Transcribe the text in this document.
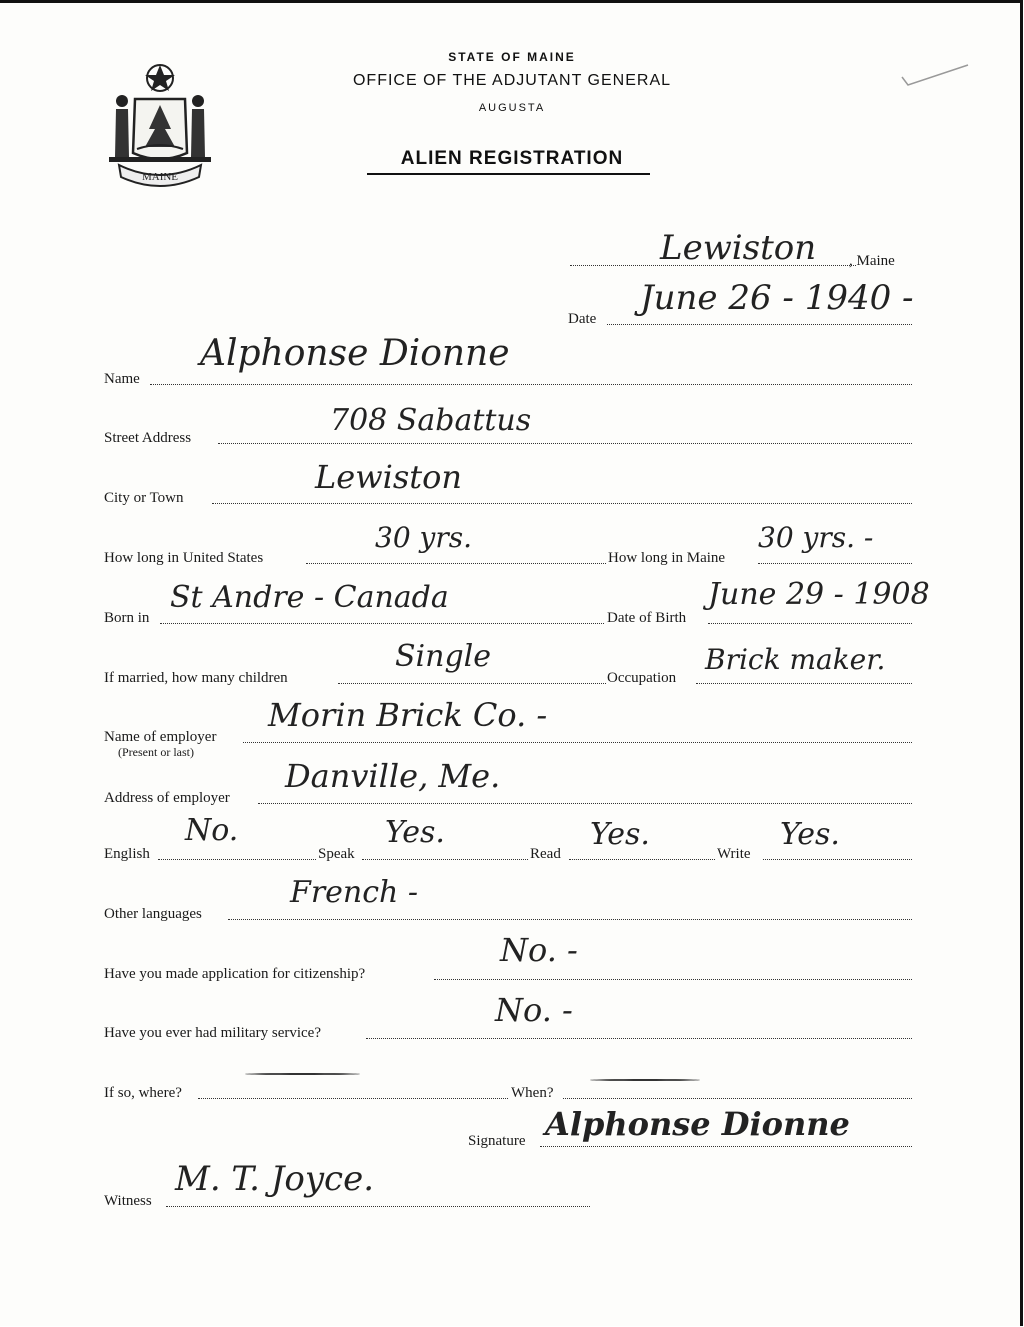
MAINE
STATE OF MAINE
OFFICE OF THE ADJUTANT GENERAL
AUGUSTA
ALIEN REGISTRATION
Lewiston , Maine
Date
June 26 - 1940 -
Name
Alphonse Dionne
Street Address	708 Sabattus
City or Town
Lewiston
How long in United States
30 yrs.
How long in Maine
30 yrs. -
Born in
St Andre - Canada
Date of Birth
June 29 - 1908
If married, how many children
Single
Occupation
Brick maker.
Name of employer
(Present or last)
Morin Brick Co. -
Address of employer
Danville, Me.
English
No.
Speak
Yes.
Read
Yes.
Write
Yes.
Other languages
French -
Have you made application for citizenship?
No. -
Have you ever had military service?
No. -
If so, where?	When?
Signature Alphonse Dionne
Witness
M. T. Joyce.
